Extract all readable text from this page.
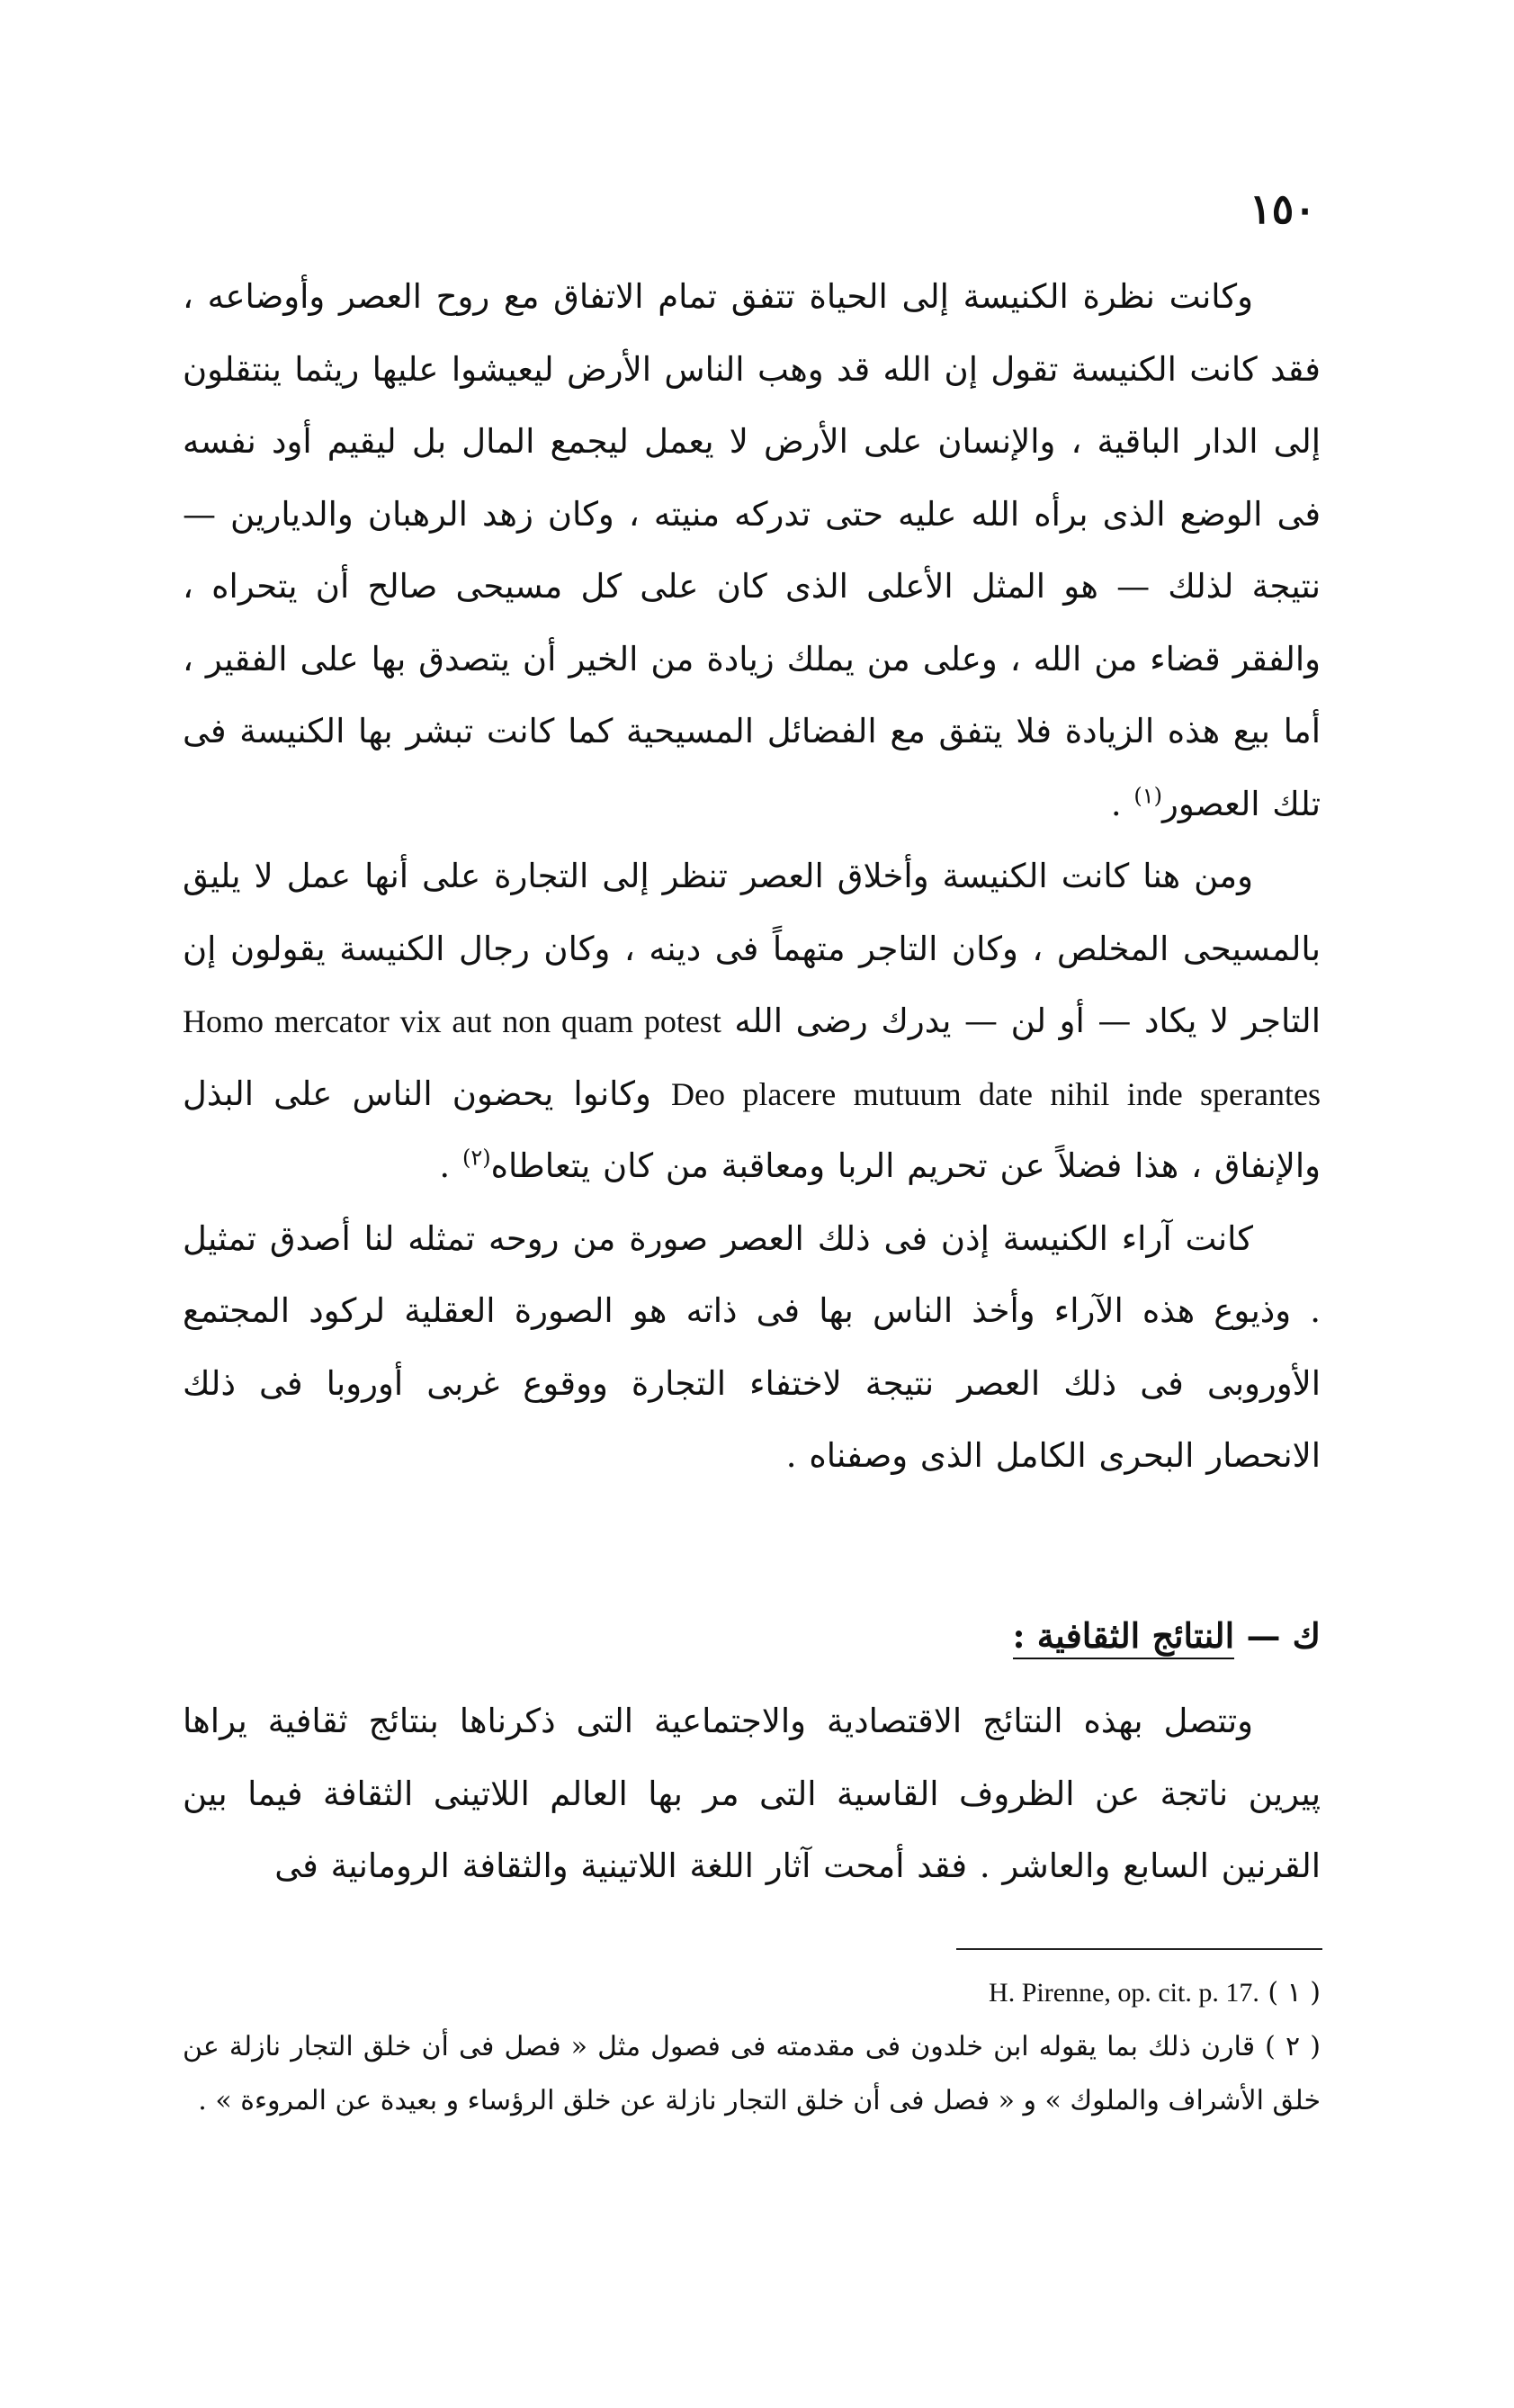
١٥٠

وكانت نظرة الكنيسة إلى الحياة تتفق تمام الاتفاق مع روح العصر وأوضاعه ، فقد كانت الكنيسة تقول إن الله قد وهب الناس الأرض ليعيشوا عليها ريثما ينتقلون إلى الدار الباقية ، والإنسان على الأرض لا يعمل ليجمع المال بل ليقيم أود نفسه فى الوضع الذى برأه الله عليه حتى تدركه منيته ، وكان زهد الرهبان والديارين — نتيجة لذلك — هو المثل الأعلى الذى كان على كل مسيحى صالح أن يتحراه ، والفقر قضاء من الله ، وعلى من يملك زيادة من الخير أن يتصدق بها على الفقير ، أما بيع هذه الزيادة فلا يتفق مع الفضائل المسيحية كما كانت تبشر بها الكنيسة فى تلك العصور$^{(١)}$ .

ومن هنا كانت الكنيسة وأخلاق العصر تنظر إلى التجارة على أنها عمل لا يليق بالمسيحى المخلص ، وكان التاجر متهماً فى دينه ، وكان رجال الكنيسة يقولون إن التاجر لا يكاد — أو لن — يدرك رضى الله Homo mercator vix aut non quam potest Deo placere mutuum date nihil inde sperantes وكانوا يحضون الناس على البذل والإنفاق ، هذا فضلاً عن تحريم الربا ومعاقبة من كان يتعاطاه$^{(٢)}$ .

كانت آراء الكنيسة إذن فى ذلك العصر صورة من روحه تمثله لنا أصدق تمثيل . وذيوع هذه الآراء وأخذ الناس بها فى ذاته هو الصورة العقلية لركود المجتمع الأوروبى فى ذلك العصر نتيجة لاختفاء التجارة ووقوع غربى أوروبا فى ذلك الانحصار البحرى الكامل الذى وصفناه .

ك — النتائج الثقافية :

وتتصل بهذه النتائج الاقتصادية والاجتماعية التى ذكرناها بنتائج ثقافية يراها پيرين ناتجة عن الظروف القاسية التى مر بها العالم اللاتينى الثقافة فيما بين القرنين السابع والعاشر . فقد أمحت آثار اللغة اللاتينية والثقافة الرومانية فى

( ١ ) H. Pirenne, op. cit. p. 17.
( ٢ ) قارن ذلك بما يقوله ابن خلدون فى مقدمته فى فصول مثل « فصل فى أن خلق التجار نازلة عن خلق الأشراف والملوك » و « فصل فى أن خلق التجار نازلة عن خلق الرؤساء و بعيدة عن المروءة » .
